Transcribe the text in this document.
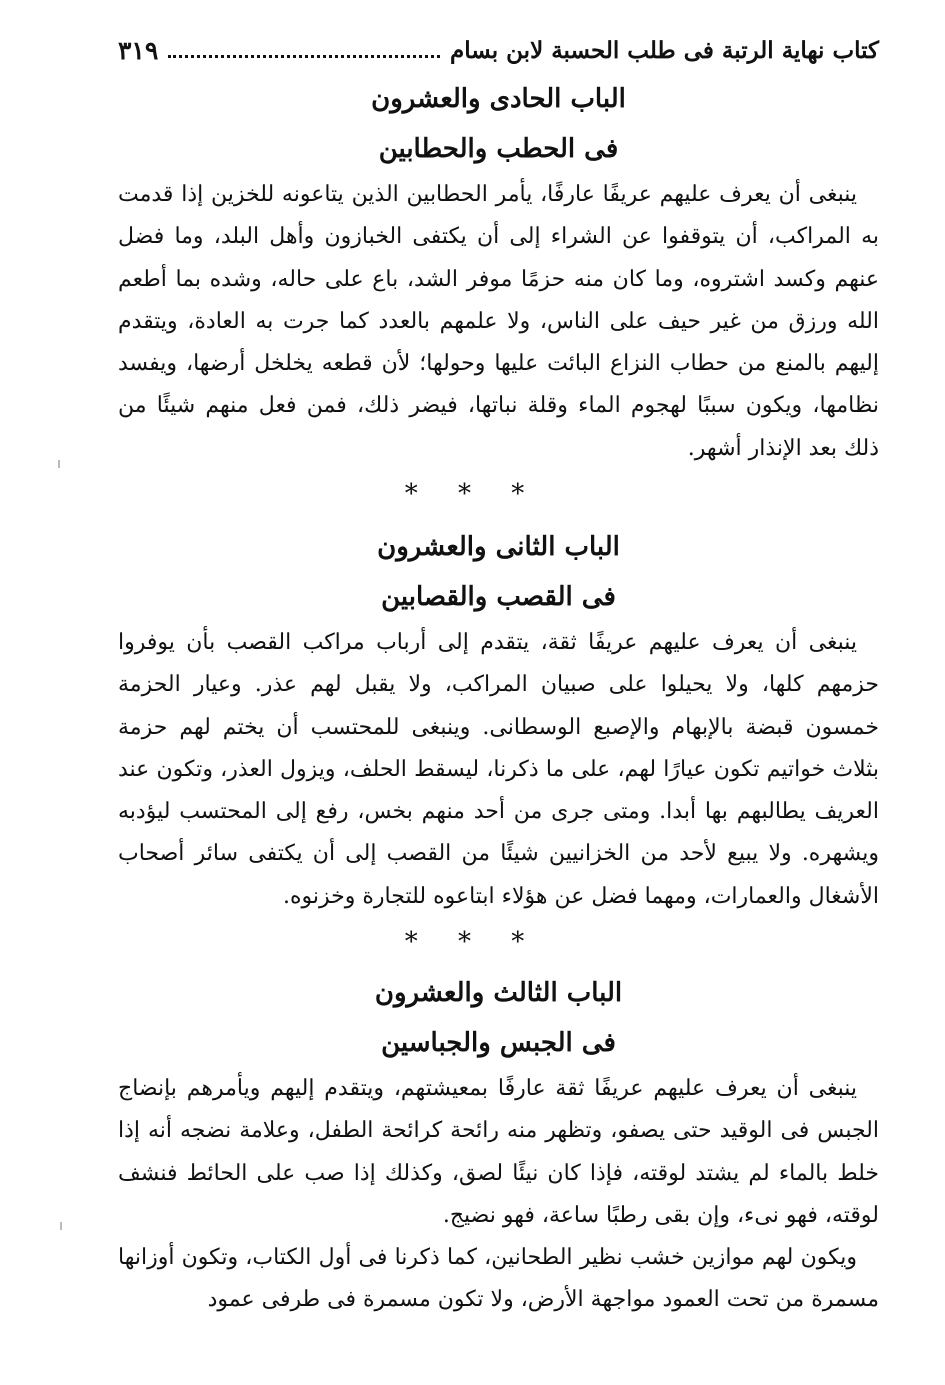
كتاب نهاية الرتبة فى طلب الحسبة لابن بسام
٣١٩
الباب الحادى والعشرون
فى الحطب والحطابين

ينبغى أن يعرف عليهم عريفًا عارفًا، يأمر الحطابين الذين يتاعونه للخزين إذا قدمت به المراكب، أن يتوقفوا عن الشراء إلى أن يكتفى الخبازون وأهل البلد، وما فضل عنهم وكسد اشتروه، وما كان منه حزمًا موفر الشد، باع على حاله، وشده بما أطعم الله ورزق من غير حيف على الناس، ولا علمهم بالعدد كما جرت به العادة، ويتقدم إليهم بالمنع من حطاب النزاع البائت عليها وحولها؛ لأن قطعه يخلخل أرضها، ويفسد نظامها، ويكون سببًا لهجوم الماء وقلة نباتها، فيضر ذلك، فمن فعل منهم شيئًا من ذلك بعد الإنذار أشهر.

* * *
الباب الثانى والعشرون
فى القصب والقصابين

ينبغى أن يعرف عليهم عريفًا ثقة، يتقدم إلى أرباب مراكب القصب بأن يوفروا حزمهم كلها، ولا يحيلوا على صبيان المراكب، ولا يقبل لهم عذر. وعيار الحزمة خمسون قبضة بالإبهام والإصبع الوسطانى. وينبغى للمحتسب أن يختم لهم حزمة بثلاث خواتيم تكون عيارًا لهم، على ما ذكرنا، ليسقط الحلف، ويزول العذر، وتكون عند العريف يطالبهم بها أبدا. ومتى جرى من أحد منهم بخس، رفع إلى المحتسب ليؤدبه ويشهره. ولا يبيع لأحد من الخزانيين شيئًا من القصب إلى أن يكتفى سائر أصحاب الأشغال والعمارات، ومهما فضل عن هؤلاء ابتاعوه للتجارة وخزنوه.

* * *
الباب الثالث والعشرون
فى الجبس والجباسين

ينبغى أن يعرف عليهم عريفًا ثقة عارفًا بمعيشتهم، ويتقدم إليهم ويأمرهم بإنضاج الجبس فى الوقيد حتى يصفو، وتظهر منه رائحة كرائحة الطفل، وعلامة نضجه أنه إذا خلط بالماء لم يشتد لوقته، فإذا كان نيئًا لصق، وكذلك إذا صب على الحائط فنشف لوقته، فهو نىء، وإن بقى رطبًا ساعة، فهو نضيج.

ويكون لهم موازين خشب نظير الطحانين، كما ذكرنا فى أول الكتاب، وتكون أوزانها مسمرة من تحت العمود مواجهة الأرض، ولا تكون مسمرة فى طرفى عمود
